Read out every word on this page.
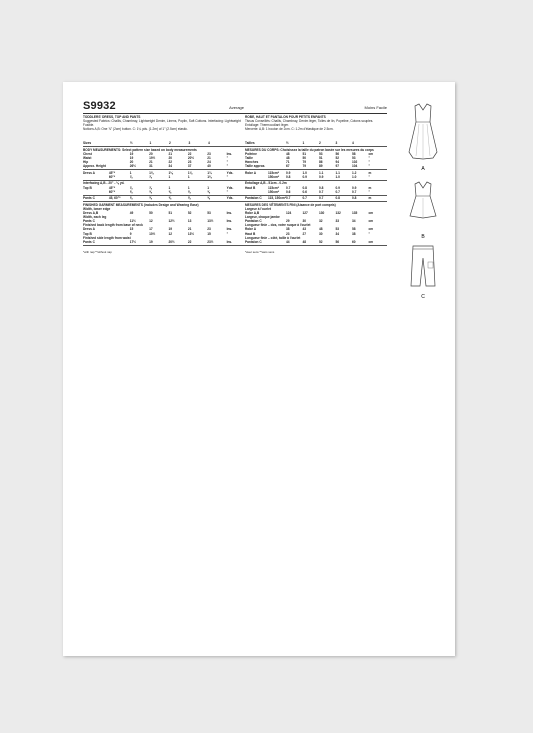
S9932	Average
TODDLERS' DRESS, TOP AND PANTS
Suggested Fabrics: Challis, Chambray, Lightweight Denim, Linens, Poplin, Soft Cottons. Interfacing: Lightweight Fusible.
Notions A,B: One ⅞" (2cm) button. C: 1¼ yds. (1.2m) of 1" (2.5cm) elastic.
Sizes	½	1	2	3	4
BODY MEASUREMENTS: Select pattern size based on body measurements
Chest	19	20	21	22	23	Ins.
Waist	19	19½	20	20½	21	"
Hip	20	21	22	23	24	"
Approx. Height	26½	31	34	37	40	"
Dress A	45"*	1	1⅛	1⅛	1⅛	1¼	Yds.
60"*	⅞	⅞	1	1	1⅛	"
Interfacing A,B - 20" - ⅛ yd.
Top B	45"*	⅞	⅞	1	1	1	Yds.
60"*	⅝	⅝	⅝	⅝	⅝	"
Pants C	45, 60"*	⅝	⅝	⅝	⅝	⅝	Yds.
FINISHED GARMENT MEASUREMENTS (includes Design and Wearing Ease)
Width, lower edge
Dress A,B	49	50	51	52	53	Ins.
Width, each leg
Pants C	11½	12	12½	13	13½	Ins.
Finished back length from base of neck
Dress A	15	17	19	21	23	Ins.
Top B	9	10½	12	13½	15	"
Finished side length from waist
Pants C	17½	19	20½	22	23½	Ins.
*with nap **without nap
Moins Facile
ROBE, HAUT ET PANTALON POUR PETITS ENFANTS
Tissus Conseillés: Challis, Chambray, Denim léger, Toiles de lin, Popeline, Cotons souples. Entoilage: Thermocollant léger.
Mercerie: A,B: 1 bouton de 2cm. C: 1.2m d'élastique de 2.5cm.
Tailles	½	1	2	3	4
MESURES DU CORPS: Choisissez la taille du patron basée sur les mesures du corps
Poitrine	48	51	53	56	58	cm
Taille	48	50	51	52	53	"
Hanches	71	79	86	94	102	"
Taille approx.	67	79	89	97	104	"
Robe A	115cm*	0.9	1.0	1.1	1.1	1.2	m
150cm*	0.8	0.9	0.9	1.0	1.0	"
Entoilage A,B - 51cm - 0.2m
Haut B	115cm*	0.7	0.8	0.8	0.9	0.9	m
150cm*	0.6	0.6	0.7	0.7	0.7	"
Pantalon C	115, 150cm* 0.7	0.7	0.7	0.8	0.8	m
MESURES DES VÊTEMENTS FINI (Aisance de port compris)
Largeur à l'ourlet
Robe A,B	124	127	130	132	135	cm
Largeur, chaque jambe
Pantalon C	29	30	32	33	34	cm
Longueur finie – dos, votre nuque à l'ourlet
Robe A	38	43	48	53	58	cm
Haut B	23	27	30	34	38	"
Longueur finie – côté, taille à l'ourlet
Pantalon C	44	48	52	56	60	cm
*avec sens **sans sens
A
B
C
